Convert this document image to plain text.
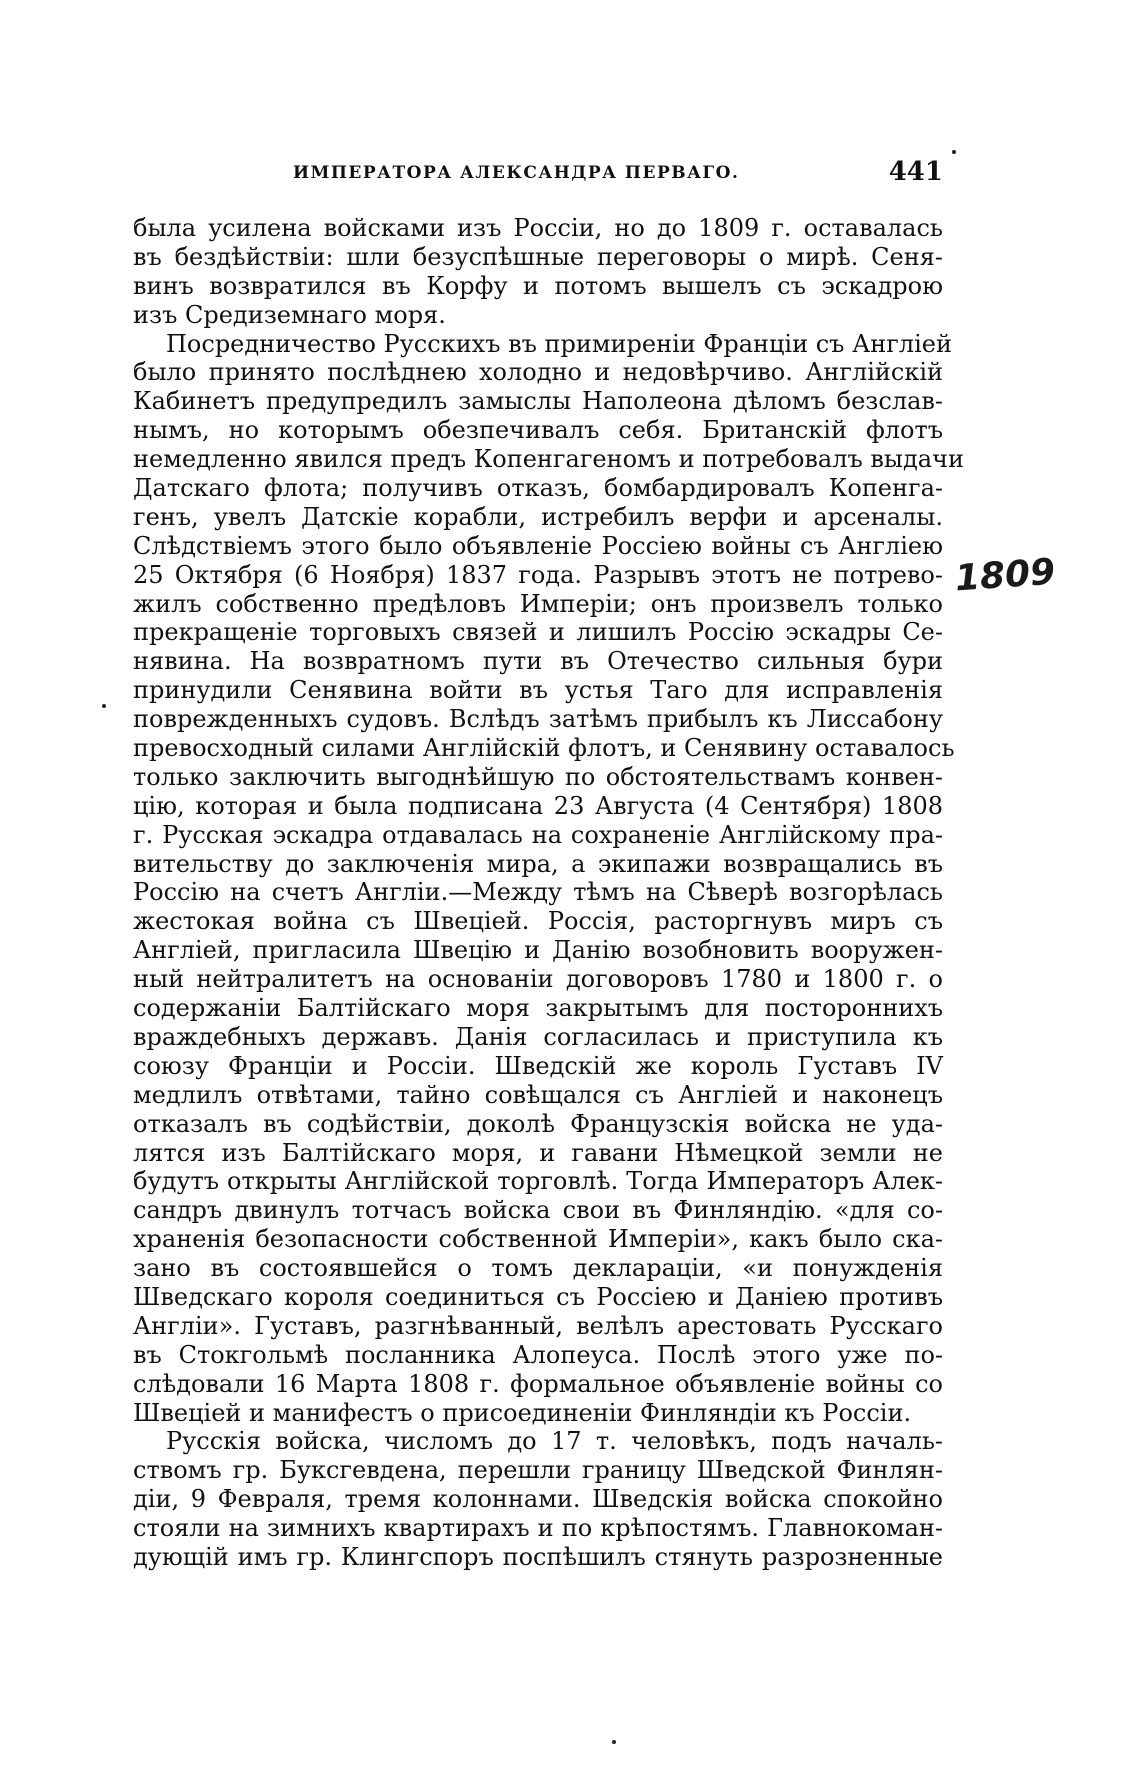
ИМПЕРАТОРА АЛЕКСАНДРА ПЕРВАГО.	441
была усилена войсками изъ Россіи, но до 1809 г. оставалась
въ бездѣйствіи: шли безуспѣшные переговоры о мирѣ. Сеня-
винъ возвратился въ Корфу и потомъ вышелъ съ эскадрою
изъ Средиземнаго моря.
Посредничество Русскихъ въ примиреніи Франціи съ Англіей
было принято послѣднею холодно и недовѣрчиво. Англійскій
Кабинетъ предупредилъ замыслы Наполеона дѣломъ безслав-
нымъ, но которымъ обезпечивалъ себя. Британскій флотъ
немедленно явился предъ Копенгагеномъ и потребовалъ выдачи
Датскаго флота; получивъ отказъ, бомбардировалъ Копенга-
генъ, увелъ Датскіе корабли, истребилъ верфи и арсеналы.
Слѣдствіемъ этого было объявленіе Россіею войны съ Англіею
25 Октября (6 Ноября) 1837 года. Разрывъ этотъ не потрево-
жилъ собственно предѣловъ Имперіи; онъ произвелъ только
прекращеніе торговыхъ связей и лишилъ Россію эскадры Се-
нявина. На возвратномъ пути въ Отечество сильныя бури
принудили Сенявина войти въ устья Таго для исправленія
поврежденныхъ судовъ. Вслѣдъ затѣмъ прибылъ къ Лиссабону
превосходный силами Англійскій флотъ, и Сенявину оставалось
только заключить выгоднѣйшую по обстоятельствамъ конвен-
цію, которая и была подписана 23 Августа (4 Сентября) 1808
г. Русская эскадра отдавалась на сохраненіе Англійскому пра-
вительству до заключенія мира, а экипажи возвращались въ
Россію на счетъ Англіи.—Между тѣмъ на Сѣверѣ возгорѣлась
жестокая война съ Швеціей. Россія, расторгнувъ миръ съ
Англіей, пригласила Швецію и Данію возобновить вооружен-
ный нейтралитетъ на основаніи договоровъ 1780 и 1800 г. о
содержаніи Балтійскаго моря закрытымъ для постороннихъ
враждебныхъ державъ. Данія согласилась и приступила къ
союзу Франціи и Россіи. Шведскій же король Густавъ IV
медлилъ отвѣтами, тайно совѣщался съ Англіей и наконецъ
отказалъ въ содѣйствіи, доколѣ Французскія войска не уда-
лятся изъ Балтійскаго моря, и гавани Нѣмецкой земли не
будутъ открыты Англійской торговлѣ. Тогда Императоръ Алек-
сандръ двинулъ тотчасъ войска свои въ Финляндію. «для со-
храненія безопасности собственной Имперіи», какъ было ска-
зано въ состоявшейся о томъ деклараціи, «и понужденія
Шведскаго короля соединиться съ Россіею и Даніею противъ
Англіи». Густавъ, разгнѣванный, велѣлъ арестовать Русскаго
въ Стокгольмѣ посланника Алопеуса. Послѣ этого уже по-
слѣдовали 16 Марта 1808 г. формальное объявленіе войны со
Швеціей и манифестъ о присоединеніи Финляндіи къ Россіи.
Русскія войска, числомъ до 17 т. человѣкъ, подъ началь-
ствомъ гр. Буксгевдена, перешли границу Шведской Финлян-
діи, 9 Февраля, тремя колоннами. Шведскія войска спокойно
стояли на зимнихъ квартирахъ и по крѣпостямъ. Главнокоман-
дующій имъ гр. Клингспоръ поспѣшилъ стянуть разрозненные
1809
